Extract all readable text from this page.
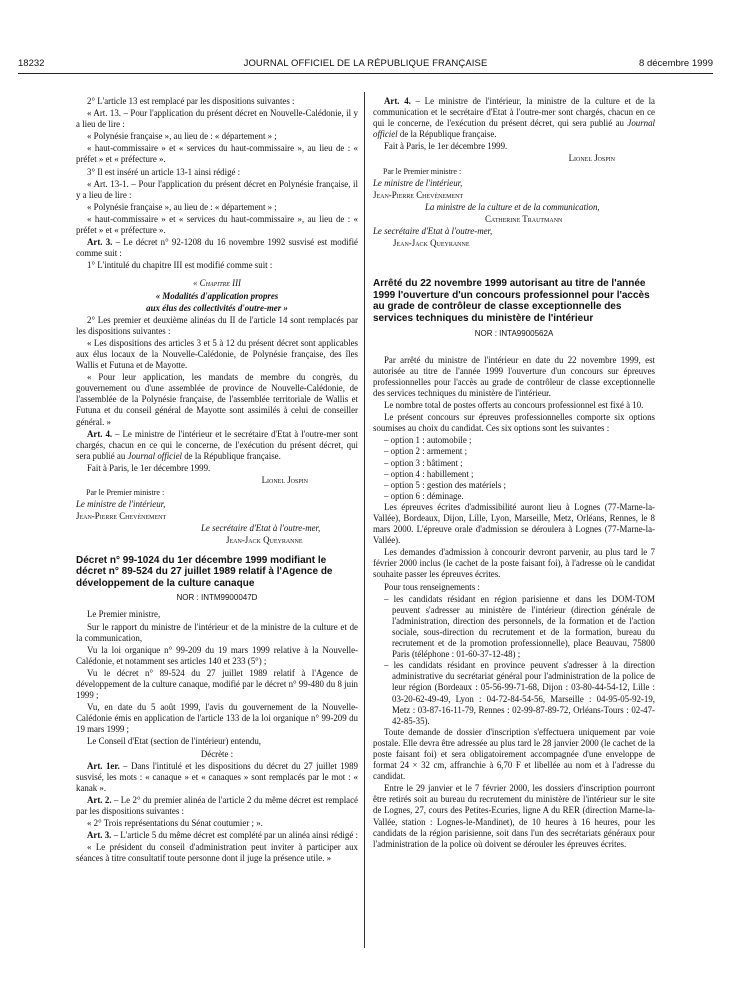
18232	JOURNAL OFFICIEL DE LA RÉPUBLIQUE FRANÇAISE	8 décembre 1999

2° L'article 13 est remplacé par les dispositions suivantes :

« Art. 13. – Pour l'application du présent décret en Nouvelle-Calédonie, il y a lieu de lire :

« Polynésie française », au lieu de : « département » ;

« haut-commissaire » et « services du haut-commissaire », au lieu de : « préfet » et « préfecture ».

3° Il est inséré un article 13-1 ainsi rédigé :

« Art. 13-1. – Pour l'application du présent décret en Polynésie française, il y a lieu de lire :

« Polynésie française », au lieu de : « département » ;

« haut-commissaire » et « services du haut-commissaire », au lieu de : « préfet » et « préfecture ».

Art. 3. – Le décret n° 92-1208 du 16 novembre 1992 susvisé est modifié comme suit :

1° L'intitulé du chapitre III est modifié comme suit :

« Chapitre III

« Modalités d'application propres

aux élus des collectivités d'outre-mer »

2° Les premier et deuxième alinéas du II de l'article 14 sont remplacés par les dispositions suivantes :

« Les dispositions des articles 3 et 5 à 12 du présent décret sont applicables aux élus locaux de la Nouvelle-Calédonie, de Polynésie française, des îles Wallis et Futuna et de Mayotte.

« Pour leur application, les mandats de membre du congrès, du gouvernement ou d'une assemblée de province de Nouvelle-Calédonie, de l'assemblée de la Polynésie française, de l'assemblée territoriale de Wallis et Futuna et du conseil général de Mayotte sont assimilés à celui de conseiller général. »

Art. 4. – Le ministre de l'intérieur et le secrétaire d'Etat à l'outre-mer sont chargés, chacun en ce qui le concerne, de l'exécution du présent décret, qui sera publié au Journal officiel de la République française.

Fait à Paris, le 1er décembre 1999.

Lionel Jospin

Par le Premier ministre :

Le ministre de l'intérieur,

Jean-Pierre Chevènement

Le secrétaire d'Etat à l'outre-mer,

Jean-Jack Queyranne

Décret n° 99-1024 du 1er décembre 1999 modifiant le décret n° 89-524 du 27 juillet 1989 relatif à l'Agence de développement de la culture canaque
NOR : INTM9900047D

Le Premier ministre,

Sur le rapport du ministre de l'intérieur et de la ministre de la culture et de la communication,

Vu la loi organique n° 99-209 du 19 mars 1999 relative à la Nouvelle-Calédonie, et notamment ses articles 140 et 233 (5°) ;

Vu le décret n° 89-524 du 27 juillet 1989 relatif à l'Agence de développement de la culture canaque, modifié par le décret n° 99-480 du 8 juin 1999 ;

Vu, en date du 5 août 1999, l'avis du gouvernement de la Nouvelle-Calédonie émis en application de l'article 133 de la loi organique n° 99-209 du 19 mars 1999 ;

Le Conseil d'Etat (section de l'intérieur) entendu,

Décrète :

Art. 1er. – Dans l'intitulé et les dispositions du décret du 27 juillet 1989 susvisé, les mots : « canaque » et « canaques » sont remplacés par le mot : « kanak ».

Art. 2. – Le 2° du premier alinéa de l'article 2 du même décret est remplacé par les dispositions suivantes :

« 2° Trois représentations du Sénat coutumier ; ».

Art. 3. – L'article 5 du même décret est complété par un alinéa ainsi rédigé :

« Le président du conseil d'administration peut inviter à participer aux séances à titre consultatif toute personne dont il juge la présence utile. »

Art. 4. – Le ministre de l'intérieur, la ministre de la culture et de la communication et le secrétaire d'Etat à l'outre-mer sont chargés, chacun en ce qui le concerne, de l'exécution du présent décret, qui sera publié au Journal officiel de la République française.

Fait à Paris, le 1er décembre 1999.

Lionel Jospin

Par le Premier ministre :

Le ministre de l'intérieur,

Jean-Pierre Chevènement

La ministre de la culture et de la communication,

Catherine Trautmann

Le secrétaire d'Etat à l'outre-mer,

Jean-Jack Queyranne

Arrêté du 22 novembre 1999 autorisant au titre de l'année 1999 l'ouverture d'un concours professionnel pour l'accès au grade de contrôleur de classe exceptionnelle des services techniques du ministère de l'intérieur
NOR : INTA9900562A

Par arrêté du ministre de l'intérieur en date du 22 novembre 1999, est autorisée au titre de l'année 1999 l'ouverture d'un concours sur épreuves professionnelles pour l'accès au grade de contrôleur de classe exceptionnelle des services techniques du ministère de l'intérieur.

Le nombre total de postes offerts au concours professionnel est fixé à 10.

Le présent concours sur épreuves professionnelles comporte six options soumises au choix du candidat. Ces six options sont les suivantes :

– option 1 : automobile ;
– option 2 : armement ;
– option 3 : bâtiment ;
– option 4 : habillement ;
– option 5 : gestion des matériels ;
– option 6 : déminage.

Les épreuves écrites d'admissibilité auront lieu à Lognes (77-Marne-la-Vallée), Bordeaux, Dijon, Lille, Lyon, Marseille, Metz, Orléans, Rennes, le 8 mars 2000. L'épreuve orale d'admission se déroulera à Lognes (77-Marne-la-Vallée).

Les demandes d'admission à concourir devront parvenir, au plus tard le 7 février 2000 inclus (le cachet de la poste faisant foi), à l'adresse où le candidat souhaite passer les épreuves écrites.

Pour tous renseignements :

– les candidats résidant en région parisienne et dans les DOM-TOM peuvent s'adresser au ministère de l'intérieur (direction générale de l'administration, direction des personnels, de la formation et de l'action sociale, sous-direction du recrutement et de la formation, bureau du recrutement et de la promotion professionnelle), place Beauvau, 75800 Paris (téléphone : 01-60-37-12-48) ;
– les candidats résidant en province peuvent s'adresser à la direction administrative du secrétariat général pour l'administration de la police de leur région (Bordeaux : 05-56-99-71-68, Dijon : 03-80-44-54-12, Lille : 03-20-62-49-49, Lyon : 04-72-84-54-56, Marseille : 04-95-05-92-19, Metz : 03-87-16-11-79, Rennes : 02-99-87-89-72, Orléans-Tours : 02-47-42-85-35).

Toute demande de dossier d'inscription s'effectuera uniquement par voie postale. Elle devra être adressée au plus tard le 28 janvier 2000 (le cachet de la poste faisant foi) et sera obligatoirement accompagnée d'une enveloppe de format 24 × 32 cm, affranchie à 6,70 F et libellée au nom et à l'adresse du candidat.

Entre le 29 janvier et le 7 février 2000, les dossiers d'inscription pourront être retirés soit au bureau du recrutement du ministère de l'intérieur sur le site de Lognes, 27, cours des Petites-Ecuries, ligne A du RER (direction Marne-la-Vallée, station : Lognes-le-Mandinet), de 10 heures à 16 heures, pour les candidats de la région parisienne, soit dans l'un des secrétariats généraux pour l'administration de la police où doivent se dérouler les épreuves écrites.
